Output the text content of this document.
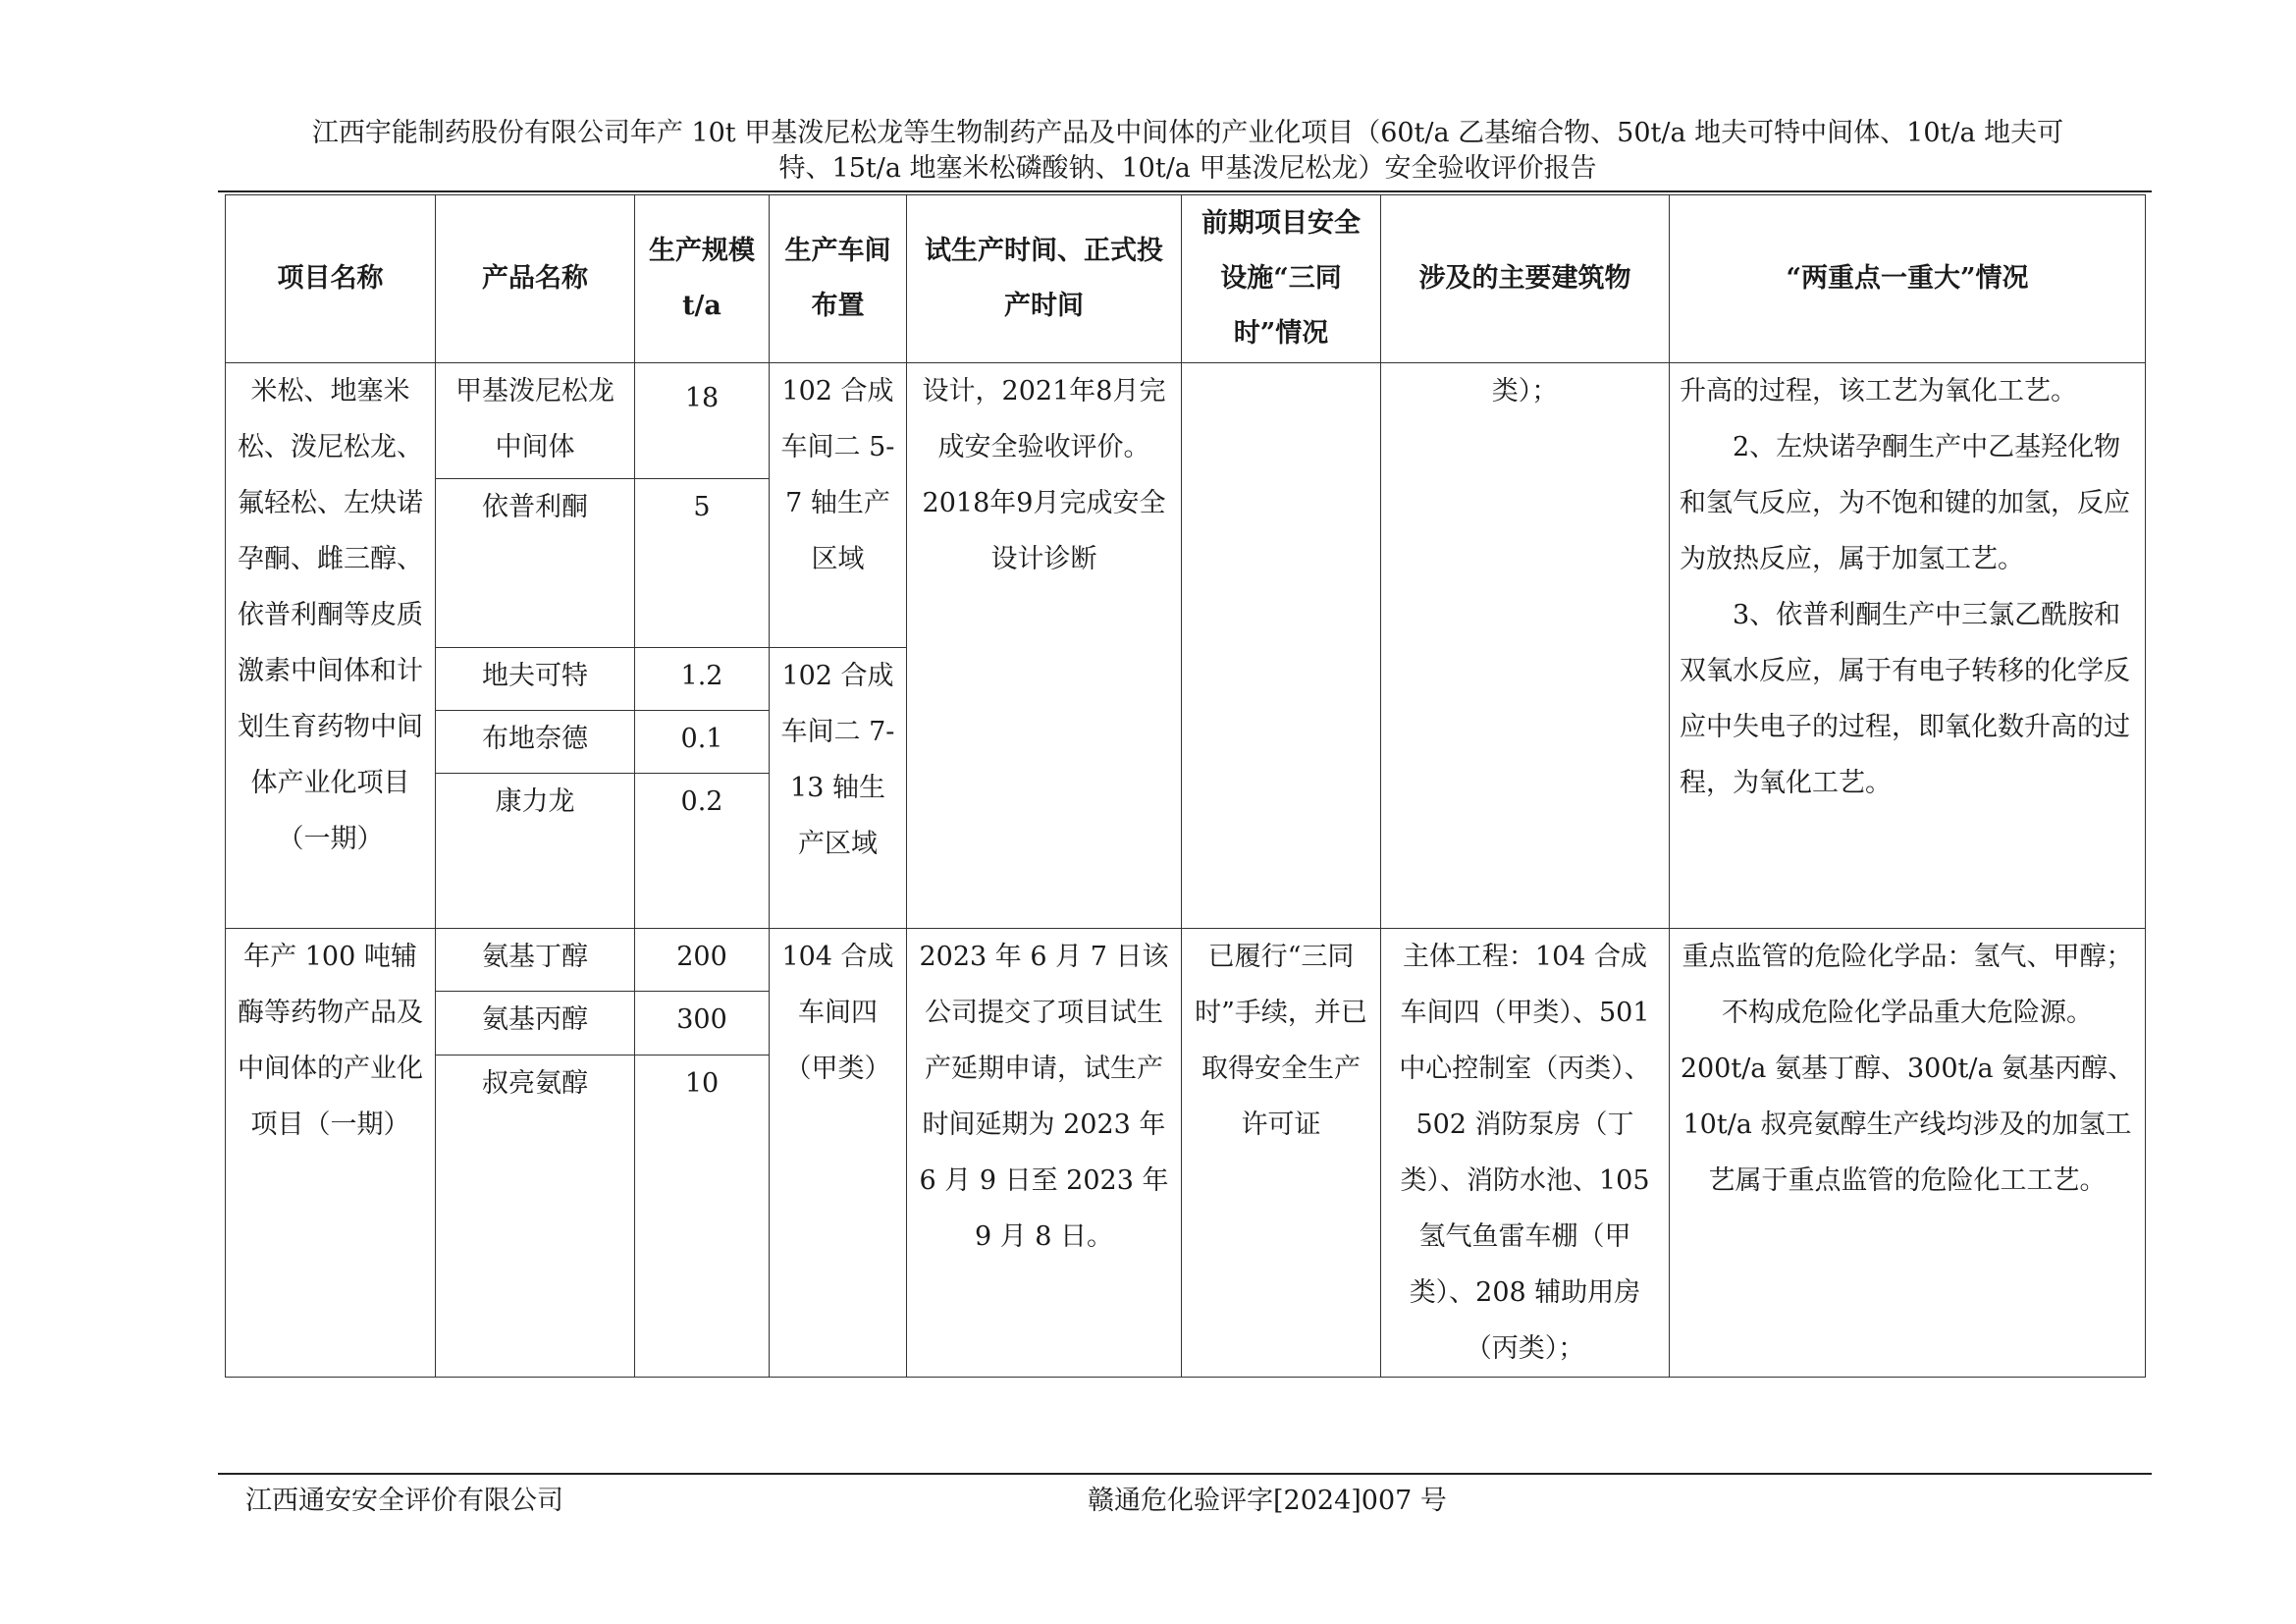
江西宇能制药股份有限公司年产 10t 甲基泼尼松龙等生物制药产品及中间体的产业化项目（60t/a 乙基缩合物、50t/a 地夫可特中间体、10t/a 地夫可
特、15t/a 地塞米松磷酸钠、10t/a 甲基泼尼松龙）安全验收评价报告
项目名称	产品名称	生产规模 t/a	生产车间布置	试生产时间、正式投产时间	前期项目安全设施“三同时”情况	涉及的主要建筑物	“两重点一重大”情况
米松、地塞米松、泼尼松龙、氟轻松、左炔诺孕酮、雌三醇、依普利酮等皮质激素中间体和计划生育药物中间体产业化项目（一期）	甲基泼尼松龙中间体	18	102 合成车间二 5-7 轴生产区域	设计，2021年8月完成安全验收评价。2018年9月完成安全设计诊断		类）；	升高的过程，该工艺为氧化工艺。

2、左炔诺孕酮生产中乙基羟化物和氢气反应，为不饱和键的加氢，反应为放热反应，属于加氢工艺。

3、依普利酮生产中三氯乙酰胺和双氧水反应，属于有电子转移的化学反应中失电子的过程，即氧化数升高的过程，为氧化工艺。

	依普利酮	5					
	地夫可特	1.2	102 合成车间二 7-13 轴生产区域				
	布地奈德	0.1					
	康力龙	0.2					
年产 100 吨辅酶等药物产品及中间体的产业化项目（一期）	氨基丁醇	200	104 合成车间四（甲类）	2023 年 6 月 7 日该公司提交了项目试生产延期申请，试生产时间延期为 2023 年 6 月 9 日至 2023 年 9 月 8 日。	已履行“三同时”手续，并已取得安全生产许可证	主体工程：104 合成车间四（甲类）、501 中心控制室（丙类）、502 消防泵房（丁类）、消防水池、105 氢气鱼雷车棚（甲类）、208 辅助用房（丙类）；	重点监管的危险化学品：氢气、甲醇；不构成危险化学品重大危险源。200t/a 氨基丁醇、300t/a 氨基丙醇、10t/a 叔亮氨醇生产线均涉及的加氢工艺属于重点监管的危险化工工艺。
	氨基丙醇	300					
	叔亮氨醇	10					
江西通安安全评价有限公司	赣通危化验评字[2024]007 号
